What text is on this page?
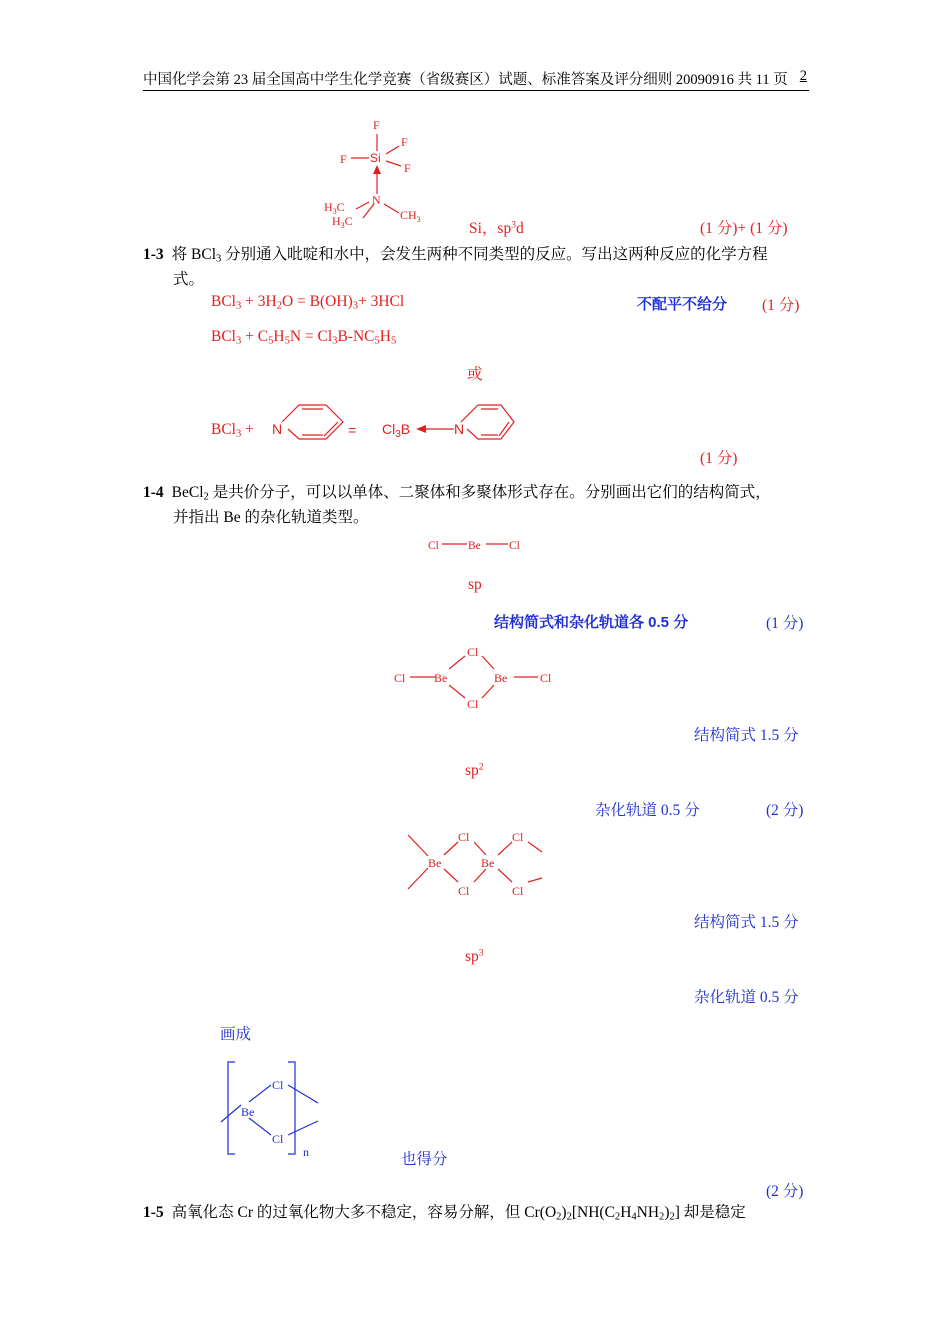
中国化学会第 23 届全国高中学生化学竞赛（省级赛区）试题、标准答案及评分细则 20090916 共 11 页 2
F
F
F
F
Si
N
$H_3C$
$H_3C$	$CH_3$
Si，$sp^3d$	(1 分)+ (1 分)
1-3 将 BCl$_3$ 分别通入吡啶和水中，会发生两种不同类型的反应。写出这两种反应的化学方程
式。
$BCl_3 + 3H_2O = B(OH)_3+ 3HCl$	不配平不给分 (1 分)
$BCl_3 + C_5H_5N = Cl_3B-NC_5H_5$
或
BCl$_3$ + N	= $Cl_3B$	N
(1 分)
1-4 BeCl$_2$ 是共价分子，可以以单体、二聚体和多聚体形式存在。分别画出它们的结构简式，
并指出 Be 的杂化轨道类型。
Cl	Be Cl
sp
结构简式和杂化轨道各 0.5 分	(1 分)
Cl Be
Cl
Cl
Be	Cl
结构简式 1.5 分
$sp^2$
杂化轨道 0.5 分	(2 分)
Be
Cl
Cl
Be
Cl
Cl
结构简式 1.5 分
$sp^3$
杂化轨道 0.5 分
画成
Be
Cl
Cl
n	也得分
(2 分)
1-5 高氧化态 Cr 的过氧化物大多不稳定，容易分解，但 $Cr(O_2)_2[NH(C_2H_4NH_2)_2]$ 却是稳定
